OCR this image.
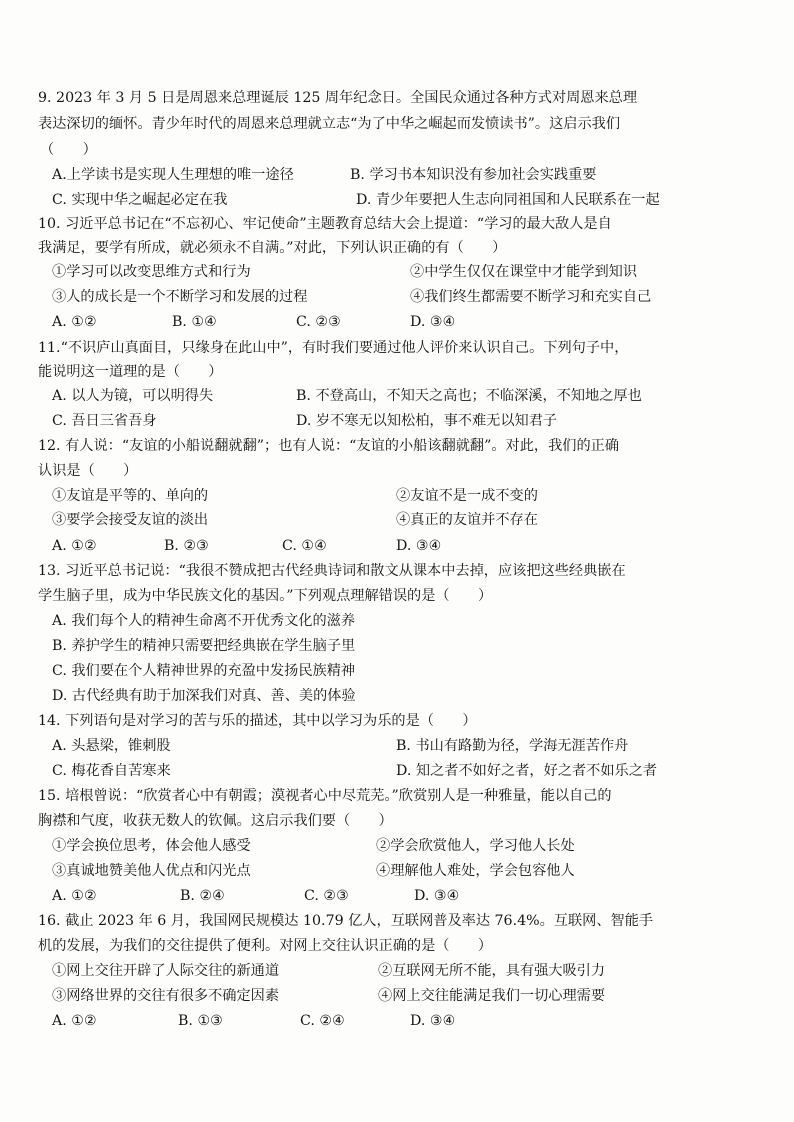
9. 2023 年 3 月 5 日是周恩来总理诞辰 125 周年纪念日。全国民众通过各种方式对周恩来总理
表达深切的缅怀。青少年时代的周恩来总理就立志“为了中华之崛起而发愤读书”。这启示我们
（　　）
A.上学读书是实现人生理想的唯一途径	B. 学习书本知识没有参加社会实践重要
C. 实现中华之崛起必定在我	D. 青少年要把人生志向同祖国和人民联系在一起
10. 习近平总书记在“不忘初心、牢记使命”主题教育总结大会上提道：“学习的最大敌人是自
我满足，要学有所成，就必须永不自满。”对此，下列认识正确的有（　　）
①学习可以改变思维方式和行为	②中学生仅仅在课堂中才能学到知识
③人的成长是一个不断学习和发展的过程	④我们终生都需要不断学习和充实自己
A. ①②	B. ①④	C. ②③	D. ③④
11.“不识庐山真面目，只缘身在此山中”，有时我们要通过他人评价来认识自己。下列句子中，
能说明这一道理的是（　　）
A. 以人为镜，可以明得失	B. 不登高山，不知天之高也；不临深溪，不知地之厚也
C. 吾日三省吾身	D. 岁不寒无以知松柏，事不难无以知君子
12. 有人说：“友谊的小船说翻就翻”；也有人说：“友谊的小船该翻就翻”。对此，我们的正确
认识是（　　）
①友谊是平等的、单向的	②友谊不是一成不变的
③要学会接受友谊的淡出	④真正的友谊并不存在
A. ①②	B. ②③	C. ①④	D. ③④
13. 习近平总书记说：“我很不赞成把古代经典诗词和散文从课本中去掉，应该把这些经典嵌在
学生脑子里，成为中华民族文化的基因。”下列观点理解错误的是（　　）
A. 我们每个人的精神生命离不开优秀文化的滋养
B. 养护学生的精神只需要把经典嵌在学生脑子里
C. 我们要在个人精神世界的充盈中发扬民族精神
D. 古代经典有助于加深我们对真、善、美的体验
14. 下列语句是对学习的苦与乐的描述，其中以学习为乐的是（　　）
A. 头悬梁，锥刺股	B. 书山有路勤为径，学海无涯苦作舟
C. 梅花香自苦寒来	D. 知之者不如好之者，好之者不如乐之者
15. 培根曾说：“欣赏者心中有朝霞；漠视者心中尽荒芜。”欣赏别人是一种雅量，能以自己的
胸襟和气度，收获无数人的钦佩。这启示我们要（　　）
①学会换位思考，体会他人感受	②学会欣赏他人，学习他人长处
③真诚地赞美他人优点和闪光点	④理解他人难处，学会包容他人
A. ①②	B. ②④	C. ②③	D. ③④
16. 截止 2023 年 6 月，我国网民规模达 10.79 亿人，互联网普及率达 76.4%。互联网、智能手
机的发展，为我们的交往提供了便利。对网上交往认识正确的是（　　）
①网上交往开辟了人际交往的新通道	②互联网无所不能，具有强大吸引力
③网络世界的交往有很多不确定因素	④网上交往能满足我们一切心理需要
A. ①②	B. ①③	C. ②④	D. ③④
